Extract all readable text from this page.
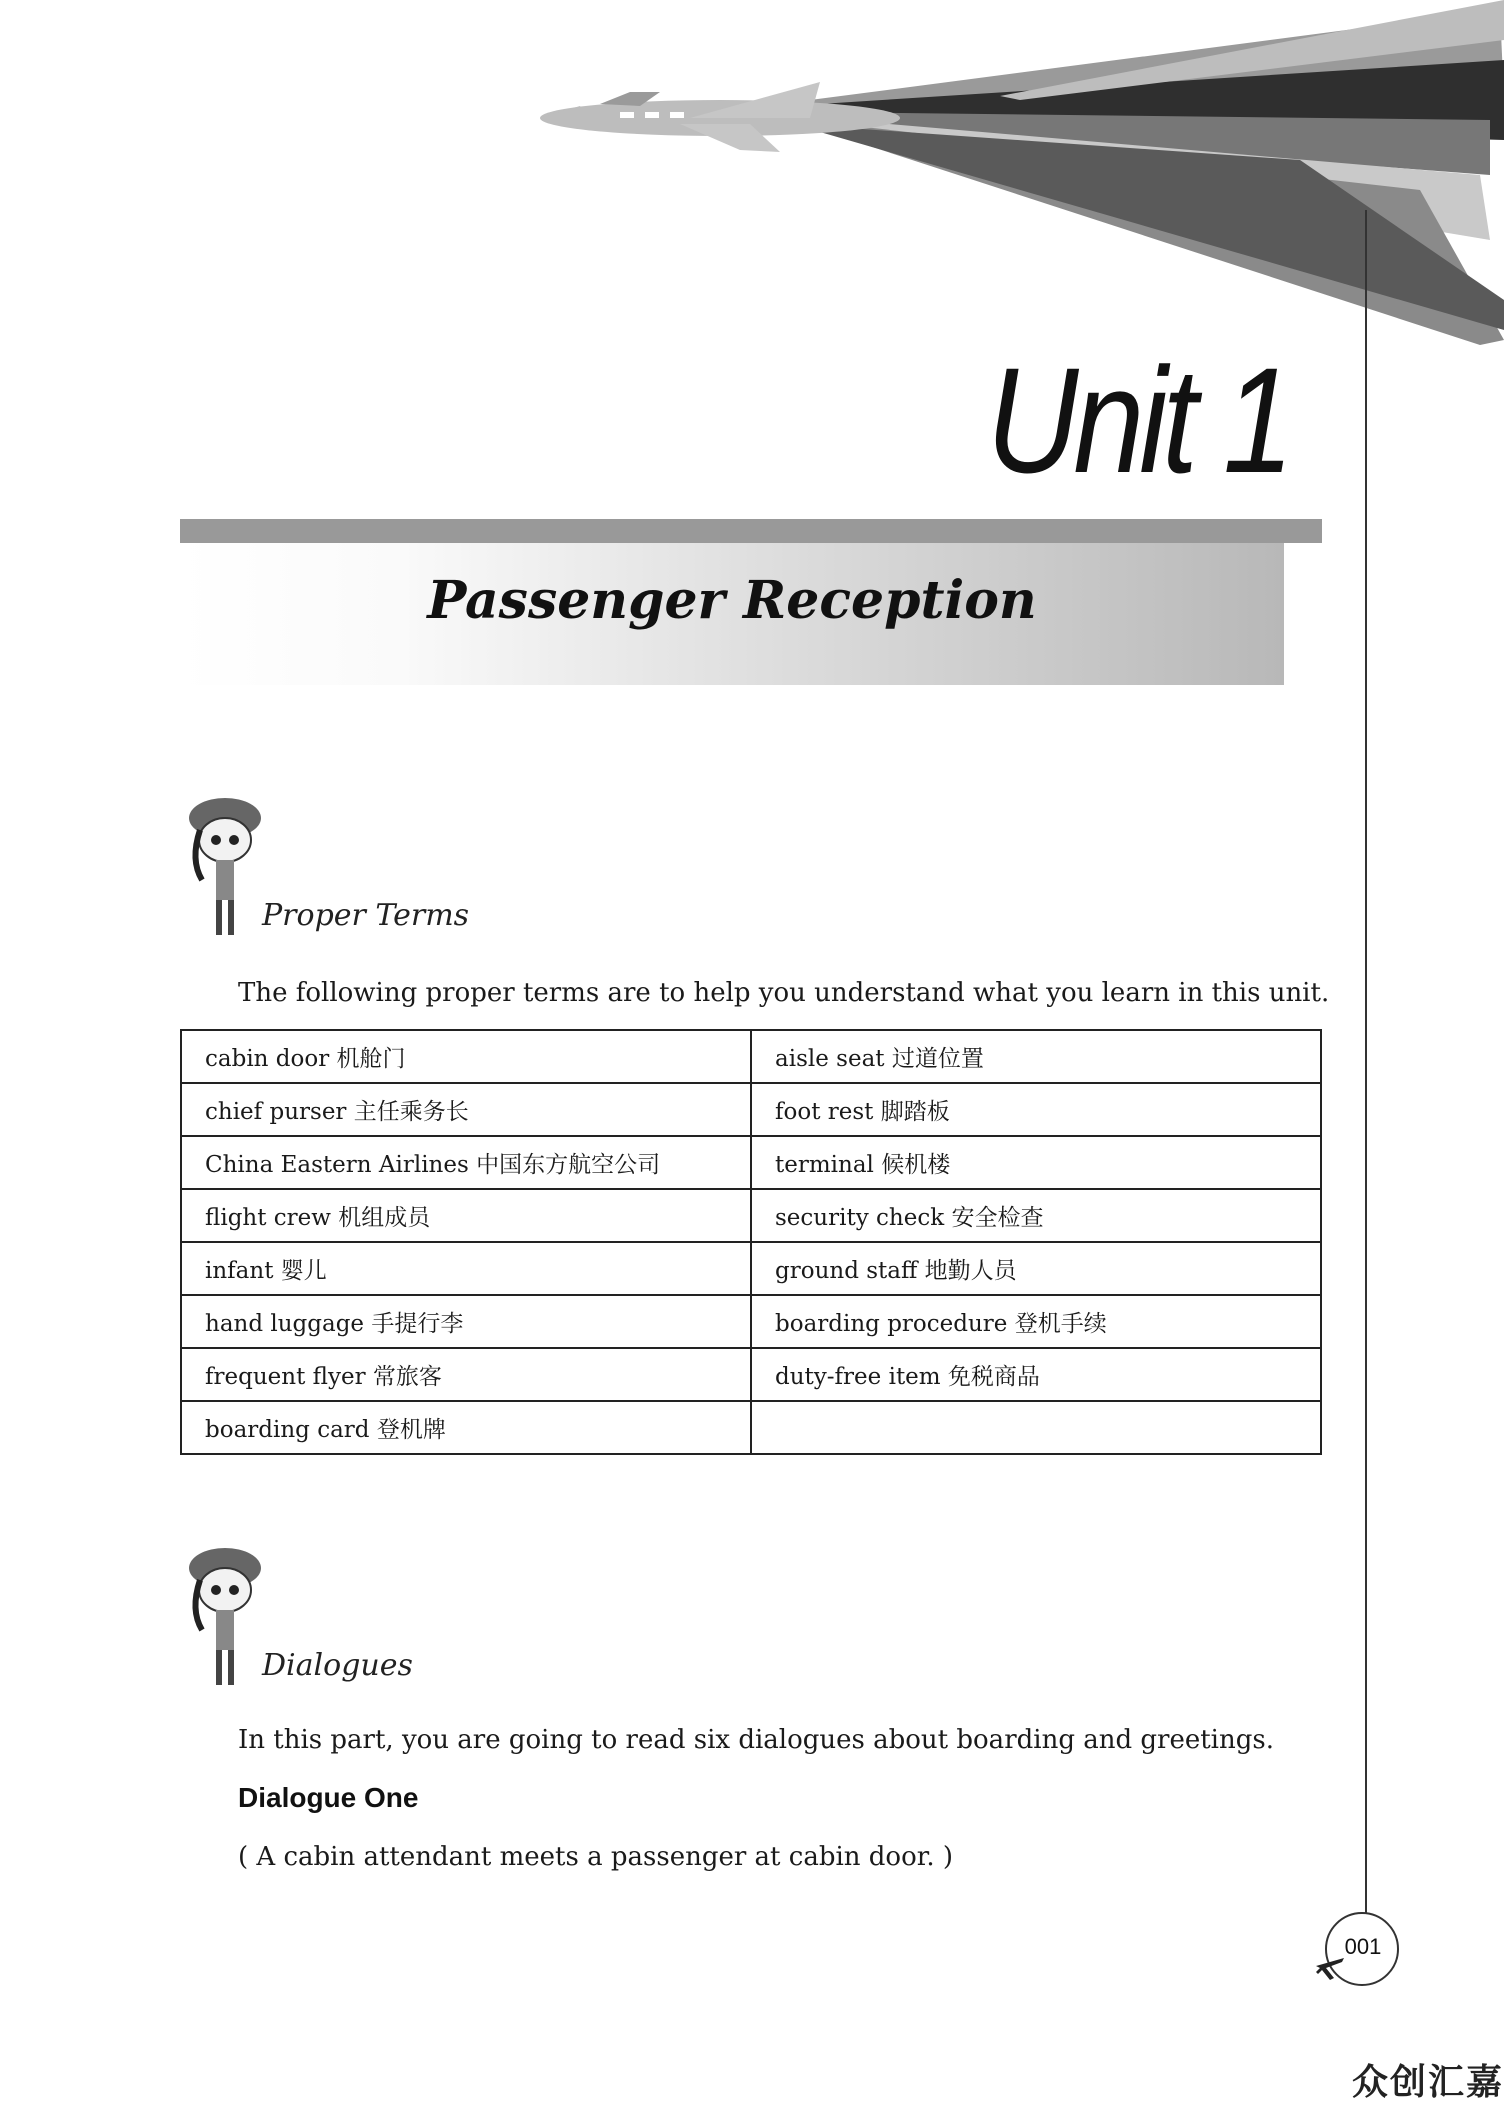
Unit 1
Passenger Reception
Proper Terms
The following proper terms are to help you understand what you learn in this unit.
cabin door 机舱门	aisle seat 过道位置
chief purser 主任乘务长	foot rest 脚踏板
China Eastern Airlines 中国东方航空公司	terminal 候机楼
flight crew 机组成员	security check 安全检查
infant 婴儿	ground staff 地勤人员
hand luggage 手提行李	boarding procedure 登机手续
frequent flyer 常旅客	duty-free item 免税商品
boarding card 登机牌	
Dialogues
In this part, you are going to read six dialogues about boarding and greetings.
Dialogue One
( A cabin attendant meets a passenger at cabin door. )
001
众创汇嘉
